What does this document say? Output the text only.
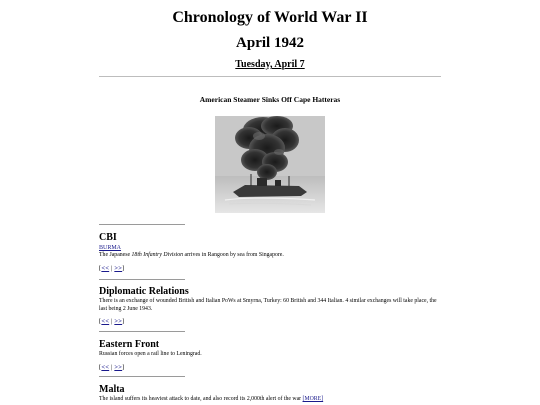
Chronology of World War II
April 1942
Tuesday, April 7
American Steamer Sinks Off Cape Hatteras
CBI
BURMA

The Japanese 18th Infantry Division arrives in Rangoon by sea from Singapore.

[<< | >>]
Diplomatic Relations

There is an exchange of wounded British and Italian PoWs at Smyrna, Turkey: 60 British and 344 Italian. 4 similar exchanges will take place, the last being 2 June 1943.

[<< | >>]
Eastern Front

Russian forces open a rail line to Leningrad.

[<< | >>]
Malta

The island suffers its heaviest attack to date, and also record its 2,000th alert of the war [MORE]
